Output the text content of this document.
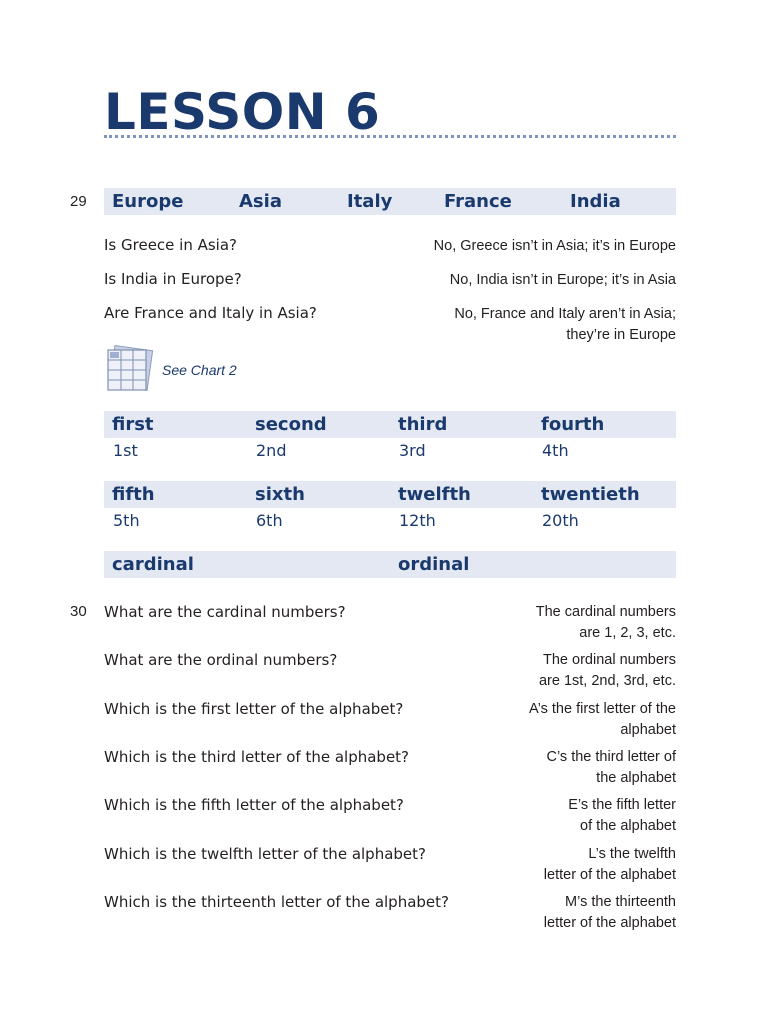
LESSON 6
29 Europe	Asia	Italy	France	India
Is Greece in Asia?	No, Greece isn’t in Asia; it’s in Europe
Is India in Europe?	No, India isn’t in Europe; it’s in Asia
Are France and Italy in Asia?	No, France and Italy aren’t in Asia;
they’re in Europe
See Chart 2
first	second	third	fourth
1st	2nd	3rd	4th
fifth	sixth	twelfth	twentieth
5th	6th	12th	20th
cardinal	ordinal
30 What are the cardinal numbers?	The cardinal numbers
are 1, 2, 3, etc.
What are the ordinal numbers?	The ordinal numbers
are 1st, 2nd, 3rd, etc.
Which is the first letter of the alphabet?	A’s the first letter of the
alphabet
Which is the third letter of the alphabet?	C’s the third letter of
the alphabet
Which is the fifth letter of the alphabet?	E’s the fifth letter
of the alphabet
Which is the twelfth letter of the alphabet?	L’s the twelfth
letter of the alphabet
Which is the thirteenth letter of the alphabet?	M’s the thirteenth
letter of the alphabet
